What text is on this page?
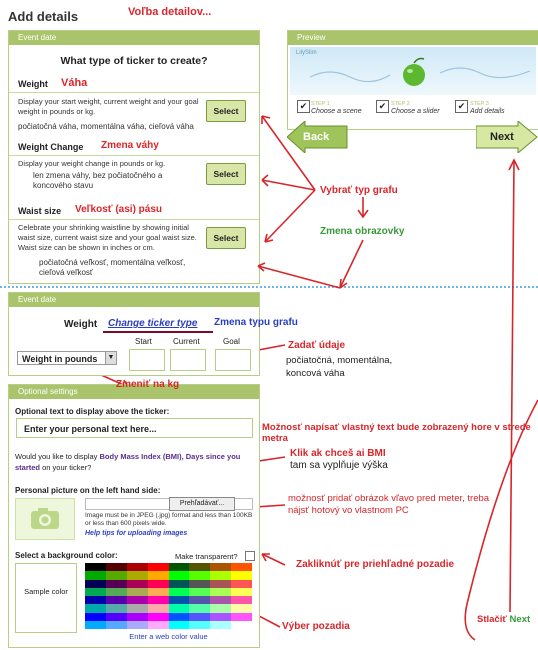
Add details	Voľba detailov...
Event date
What type of ticker to create?
Weight Váha
Display your start weight, current weight and your goal weight in pounds or kg.
počiatočná váha, momentálna váha, cieľová váha
Select
Weight Change Zmena váhy
Display your weight change in pounds or kg.
len zmena váhy, bez počiatočného a koncového stavu
Select
Waist size Veľkosť (asi) pásu
Celebrate your shrinking waistline by showing initial waist size, current waist size and your goal waist size. Waist size can be shown in inches or cm.
počiatočná veľkosť, momentálna veľkosť, cieľová veľkosť
Select
Preview
LilySlim
✔ STEP 1
Choose a scene
✔ STEP 2
Choose a slider
✔ STEP 3
Add details
Back	Next
Vybrať typ grafu
Zmena obrazovky
Event date
Weight Change ticker type
Start	Current	Goal
Weight in pounds	▼
Zmena typu grafu
Zadať údaje
počiatočná, momentálna, koncová váha
Optional settings
Optional text to display above the ticker:
Enter your personal text here...
Would you like to display Body Mass Index (BMI), Days since you started on your ticker?
Personal picture on the left hand side:
Prehľadávať...
Image must be in JPEG (.jpg) format and less than 100KB or less than 600 pixels wide.
Help tips for uploading images
Select a background color:	Make transparent?
Sample color
Enter a web color value
Zmeniť na kg
Možnosť napísať vlastný text bude zobrazený hore v strede metra
Klik ak chceš ai BMI
tam sa vyplňuje výška
možnosť pridať obrázok vľavo pred meter, treba nájsť hotový vo vlastnom PC
Zakliknúť pre priehľadné pozadie
Výber pozadia
Stlačiť Next
